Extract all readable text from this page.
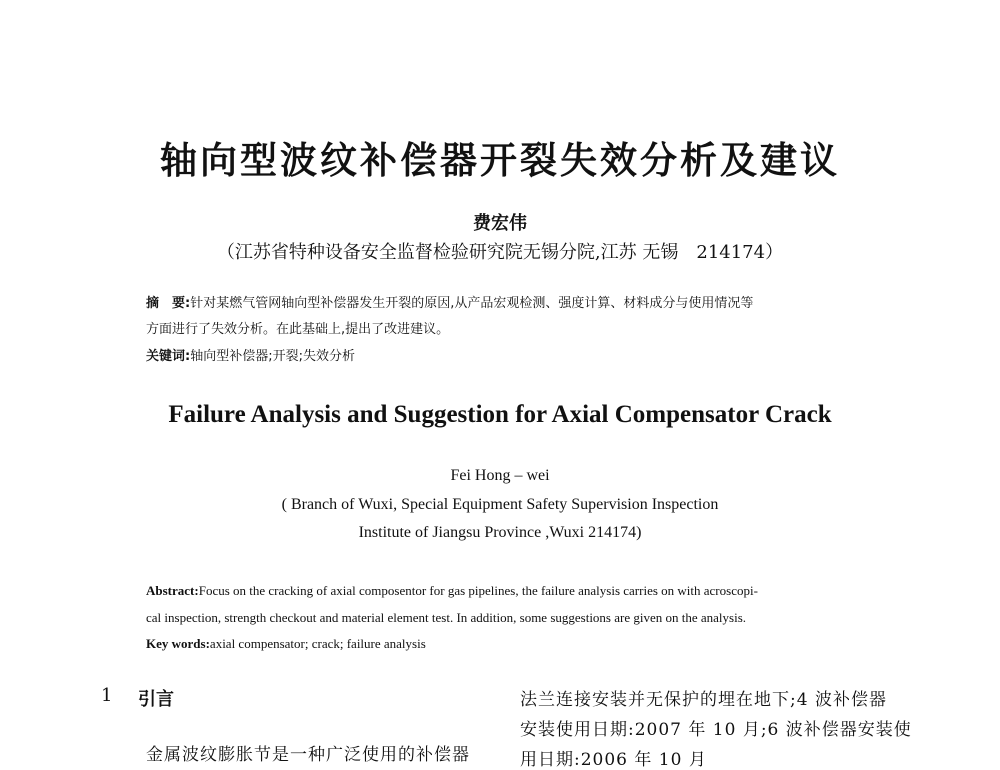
轴向型波纹补偿器开裂失效分析及建议
费宏伟
（江苏省特种设备安全监督检验研究院无锡分院,江苏 无锡　214174）
摘　要:针对某燃气管网轴向型补偿器发生开裂的原因,从产品宏观检测、强度计算、材料成分与使用情况等
方面进行了失效分析。在此基础上,提出了改进建议。
关键词:轴向型补偿器;开裂;失效分析
Failure Analysis and Suggestion for Axial Compensator Crack
Fei Hong – wei
( Branch of Wuxi, Special Equipment Safety Supervision Inspection
Institute of Jiangsu Province ,Wuxi 214174)
Abstract:Focus on the cracking of axial composentor for gas pipelines, the failure analysis carries on with acroscopi-
cal inspection, strength checkout and material element test. In addition, some suggestions are given on the analysis.
Key words:axial compensator; crack; failure analysis
1 引言
金属波纹膨胀节是一种广泛使用的补偿器
法兰连接安装并无保护的埋在地下;4 波补偿器
安装使用日期:2007 年 10 月;6 波补偿器安装使
用日期:2006 年 10 月
